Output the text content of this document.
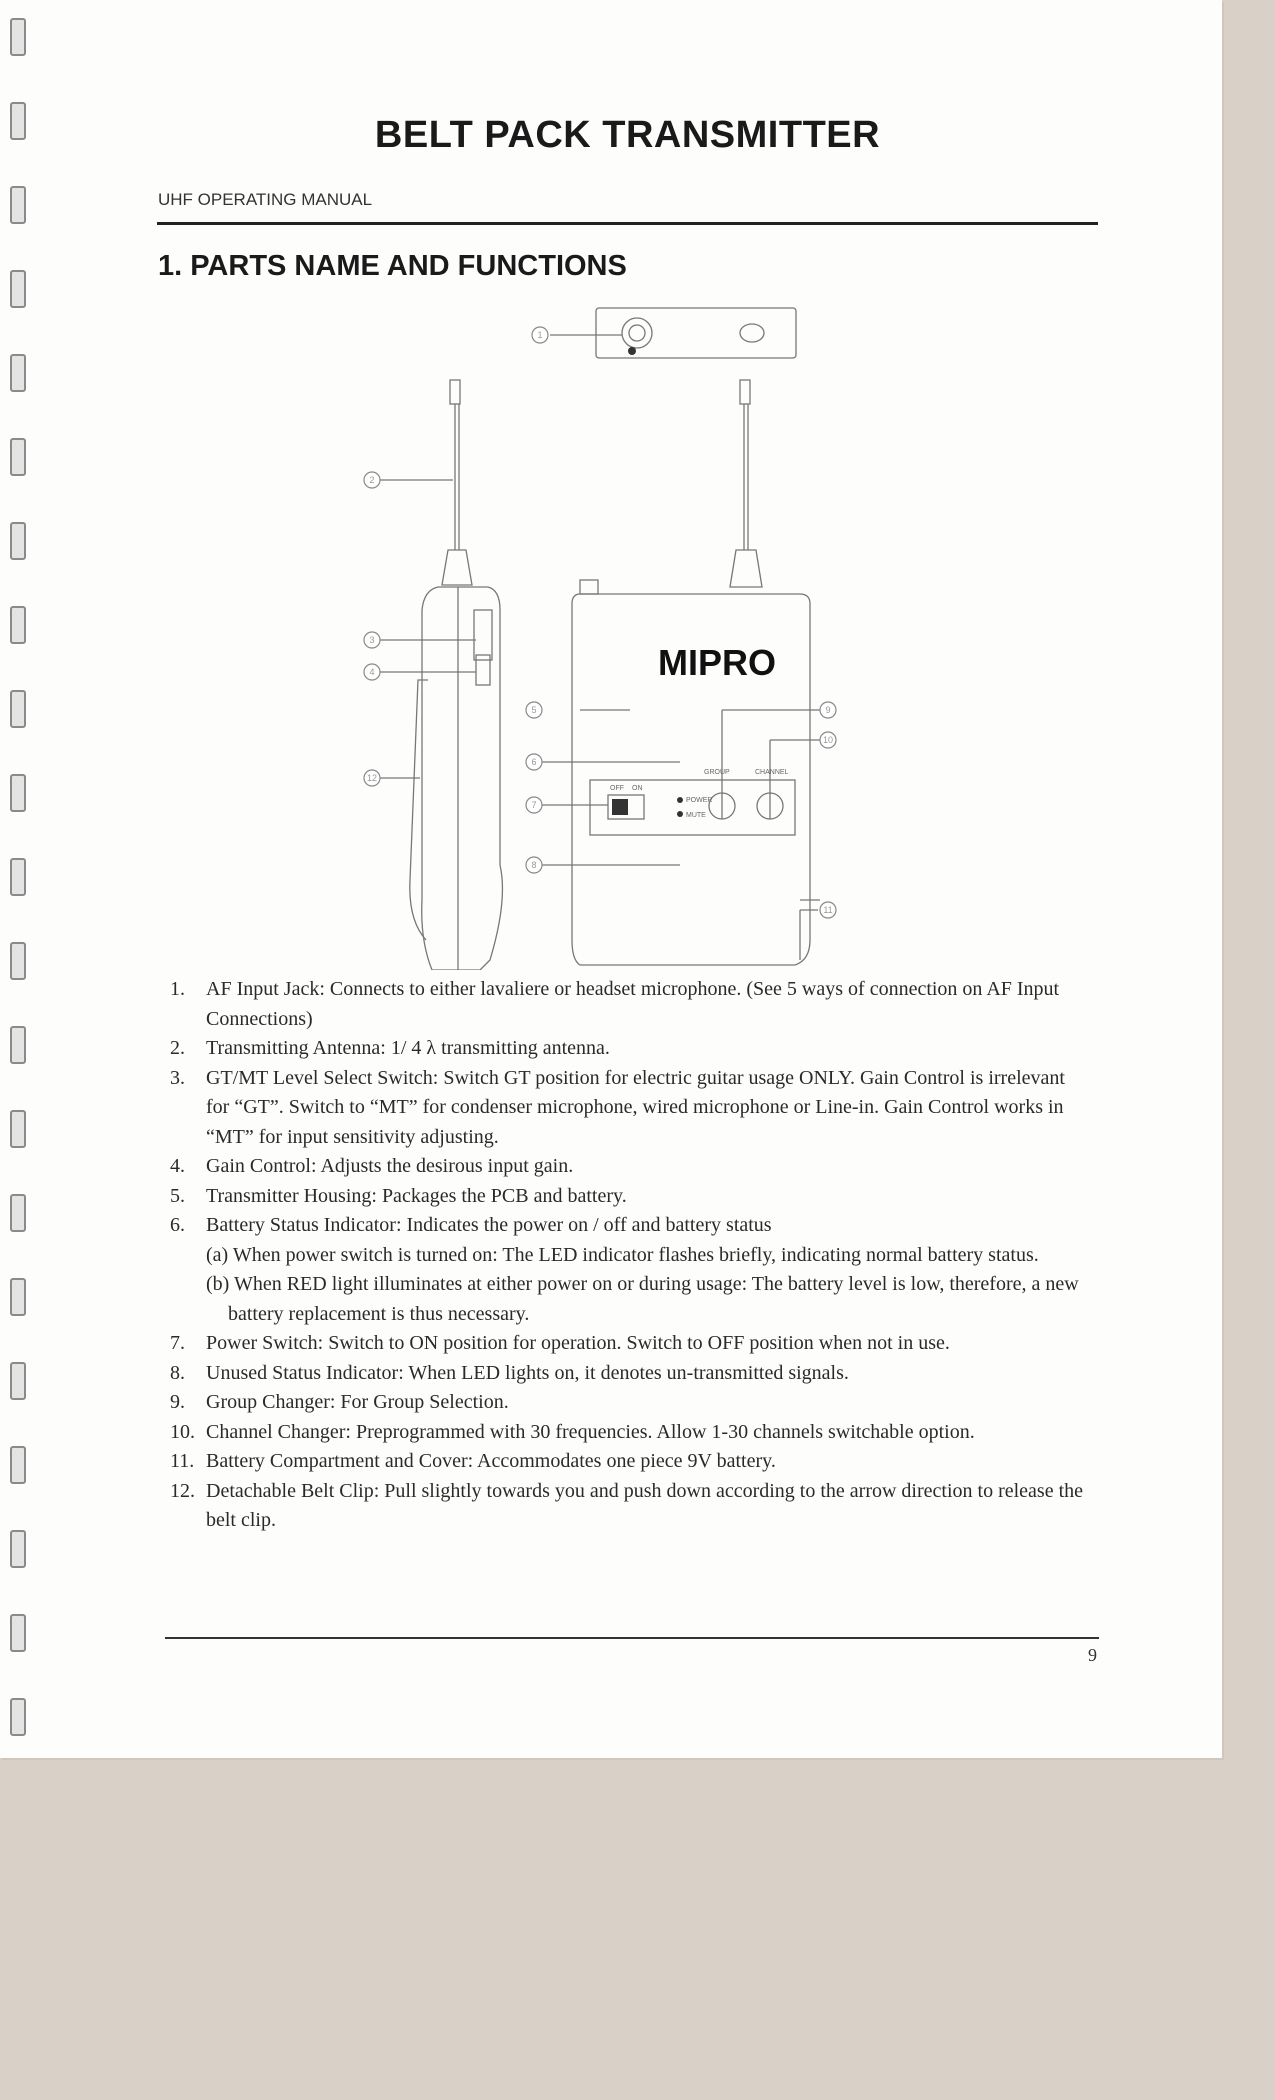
BELT PACK TRANSMITTER
UHF OPERATING MANUAL
1. PARTS NAME AND FUNCTIONS
1
2
3
4
5
6
7
8
9
10
11
12
MIPRO
GROUP	CHANNEL
OFF ON
POWER
MUTE
1. AF Input Jack: Connects to either lavaliere or headset microphone. (See 5 ways of connection on AF Input Connections)
2. Transmitting Antenna: 1/ 4 λ transmitting antenna.
3. GT/MT Level Select Switch: Switch GT position for electric guitar usage ONLY. Gain Control is irrelevant for “GT”. Switch to “MT” for condenser microphone, wired microphone or Line-in. Gain Control works in “MT” for input sensitivity adjusting.
4. Gain Control: Adjusts the desirous input gain.
5. Transmitter Housing: Packages the PCB and battery.
6. Battery Status Indicator: Indicates the power on / off and battery status
(a) When power switch is turned on: The LED indicator flashes briefly, indicating normal battery status.
(b) When RED light illuminates at either power on or during usage: The battery level is low, therefore, a new battery replacement is thus necessary.
7. Power Switch: Switch to ON position for operation. Switch to OFF position when not in use.
8. Unused Status Indicator: When LED lights on, it denotes un-transmitted signals.
9. Group Changer: For Group Selection.
10. Channel Changer: Preprogrammed with 30 frequencies. Allow 1-30 channels switchable option.
11. Battery Compartment and Cover: Accommodates one piece 9V battery.
12. Detachable Belt Clip: Pull slightly towards you and push down according to the arrow direction to release the belt clip.
9
